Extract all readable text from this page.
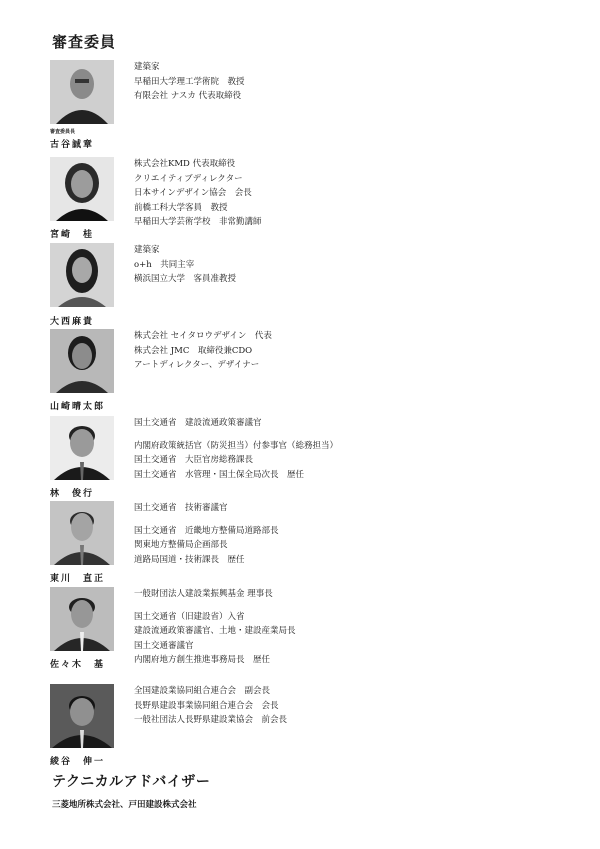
審査委員
審査委員長
古谷誠章
建築家
早稲田大学理工学術院　教授
有限会社 ナスカ 代表取締役
宮崎　桂
株式会社KMD 代表取締役
クリエイティブディレクター
日本サインデザイン協会　会長
前橋工科大学客員　教授
早稲田大学芸術学校　非常勤講師
大西麻貴
建築家
o+h　共同主宰
横浜国立大学　客員准教授
山崎晴太郎
株式会社 セイタロウデザイン　代表
株式会社 JMC　取締役兼CDO
アートディレクター、デザイナー
林　俊行
国土交通省　建設流通政策審議官
内閣府政策統括官（防災担当）付参事官（総務担当）
国土交通省　大臣官房総務課長
国土交通省　水管理・国土保全局次長　歴任
東川　直正
国土交通省　技術審議官
国土交通省　近畿地方整備局道路部長
関東地方整備局企画部長
道路局国道・技術課長　歴任
佐々木　基
一般財団法人建設業振興基金 理事長
国土交通省（旧建設省）入省
建設流通政策審議官、土地・建設産業局長
国土交通審議官
内閣府地方創生推進事務局長　歴任
綾谷　伸一
全国建設業協同組合連合会　副会長
長野県建設事業協同組合連合会　会長
一般社団法人長野県建設業協会　前会長
テクニカルアドバイザー
三菱地所株式会社、戸田建設株式会社
